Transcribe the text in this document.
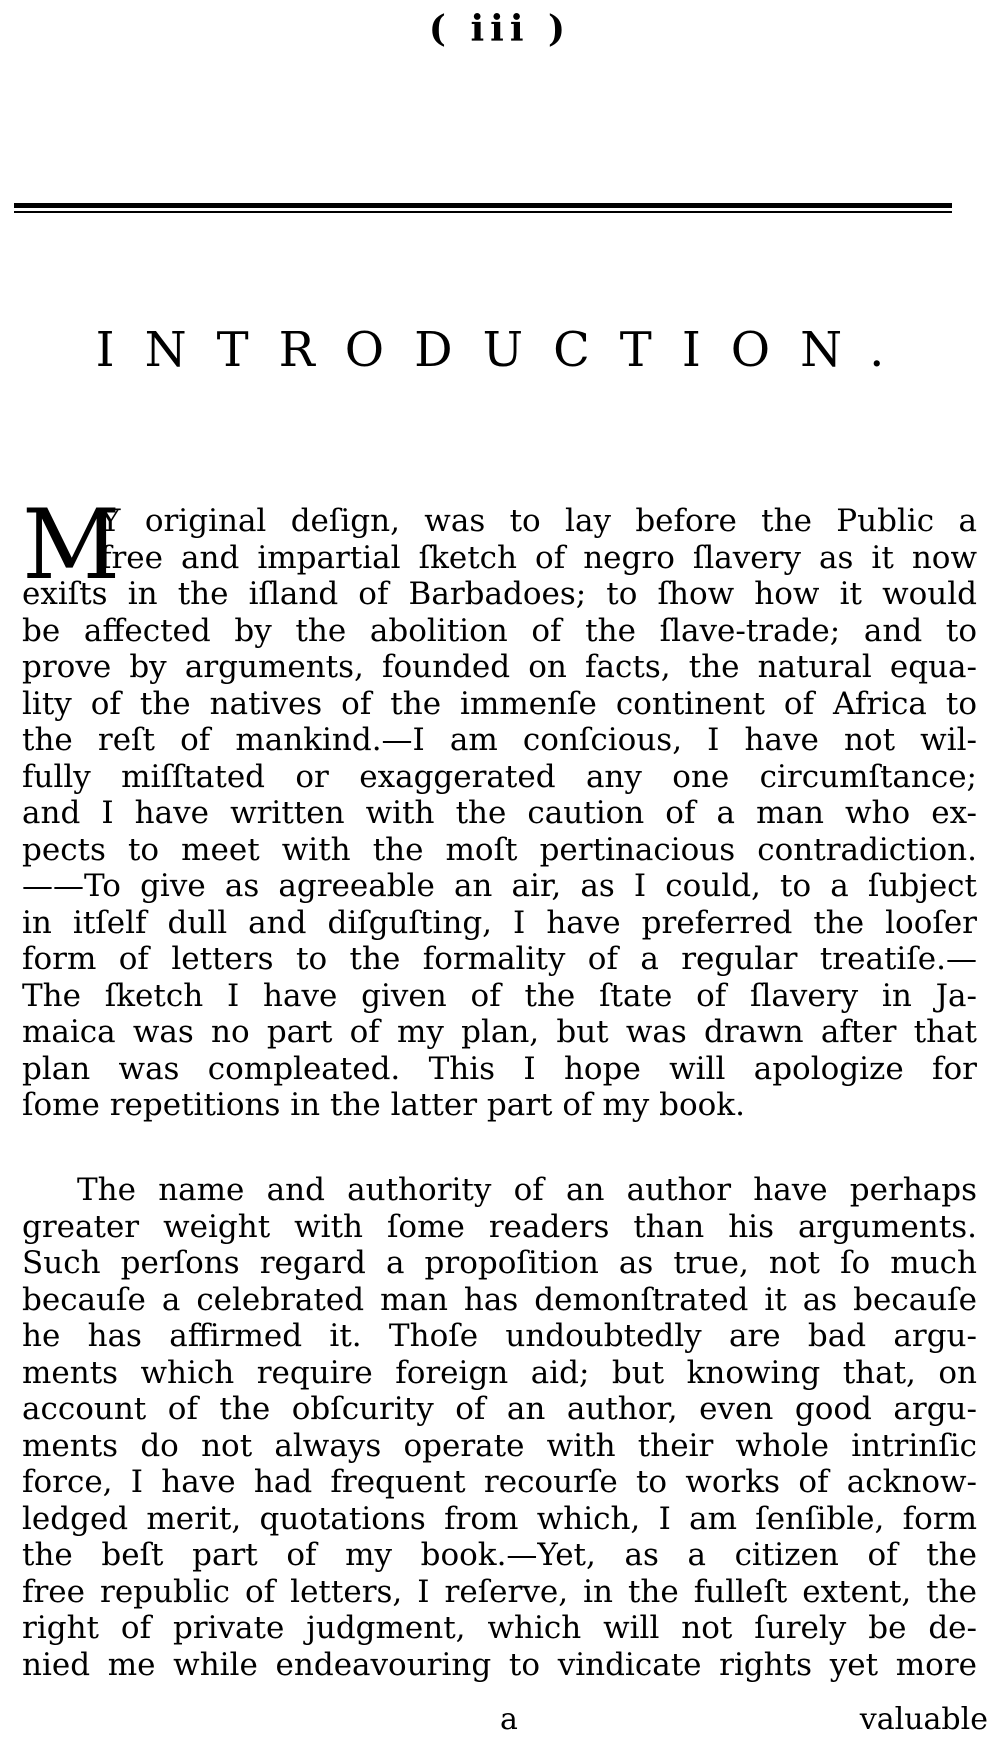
( iii )
INTRODUCTION.
M
Y original deſign, was to lay before the Public a
free and impartial ſketch of negro ſlavery as it now
exiſts in the iſland of Barbadoes; to ſhow how it would
be affected by the abolition of the ſlave-trade; and to
prove by arguments, founded on facts, the natural equa-
lity of the natives of the immenſe continent of Africa to
the reſt of mankind.—I am conſcious, I have not wil-
fully miſſtated or exaggerated any one circumſtance;
and I have written with the caution of a man who ex-
pects to meet with the moſt pertinacious contradiction.
——To give as agreeable an air, as I could, to a ſubject
in itſelf dull and diſguſting, I have preferred the looſer
form of letters to the formality of a regular treatiſe.—
The ſketch I have given of the ſtate of ſlavery in Ja-
maica was no part of my plan, but was drawn after that
plan was compleated. This I hope will apologize for
ſome repetitions in the latter part of my book.
The name and authority of an author have perhaps
greater weight with ſome readers than his arguments.
Such perſons regard a propoſition as true, not ſo much
becauſe a celebrated man has demonſtrated it as becauſe
he has affirmed it. Thoſe undoubtedly are bad argu-
ments which require foreign aid; but knowing that, on
account of the obſcurity of an author, even good argu-
ments do not always operate with their whole intrinſic
force, I have had frequent recourſe to works of acknow-
ledged merit, quotations from which, I am ſenſible, form
the beſt part of my book.—Yet, as a citizen of the
free republic of letters, I reſerve, in the fulleſt extent, the
right of private judgment, which will not ſurely be de-
nied me while endeavouring to vindicate rights yet more
a	valuable
